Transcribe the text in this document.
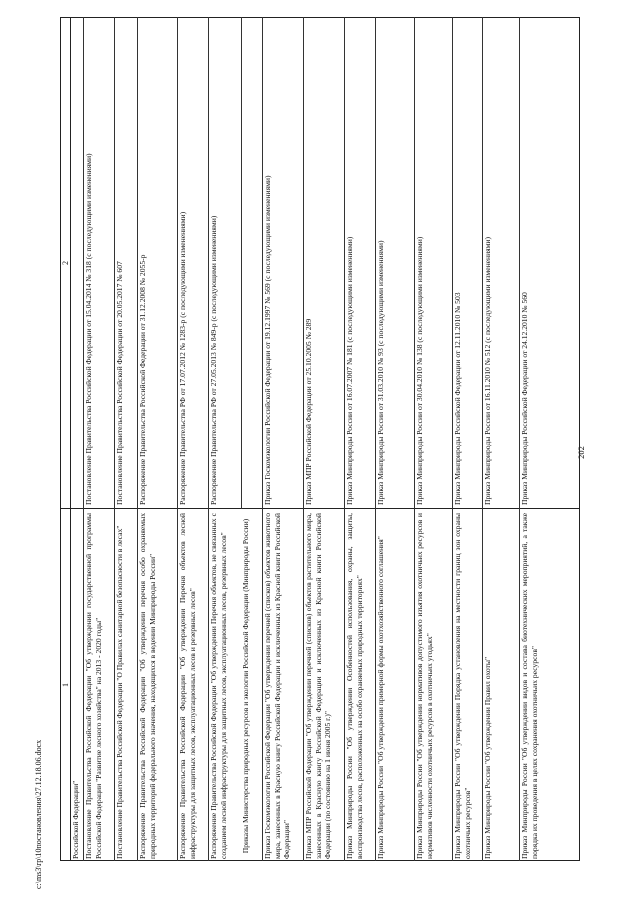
202
c:\ms3\rp\10постановления\27.12.18.06.docx
1
2
Российской Федерации" Постановление Правительства Российской Федерации "Об утверждении государственной программы Российской Федерации "Развитие лесного хозяйства" на 2013 - 2020 годы"
Постановление Правительства Российской Федерации от 15.04.2014 № 318 (с последующими изменениями)
Постановление Правительства Российской Федерации "О Правилах санитарной безопасности в лесах"
Постановление Правительства Российской Федерации от 20.05.2017 № 607
Распоряжение Правительства Российской Федерации "Об утверждении перечня особо охраняемых природных территорий федерального значения, находящихся в ведении Минприроды России"
Распоряжение Правительства Российской Федерации от 31.12.2008 № 2055-р
Распоряжение Правительства Российской Федерации "Об утверждении Перечня объектов лесной инфраструктуры для защитных лесов, эксплуатационных лесов и резервных лесов"
Распоряжение Правительства РФ от 17.07.2012 № 1283-р (с последующими изменениями)
Распоряжение Правительства Российской Федерации "Об утверждении Перечня объектов, не связанных с созданием лесной инфраструктуры для защитных лесов, эксплуатационных лесов, резервных лесов"
Распоряжение Правительства РФ от 27.05.2013 № 849-р (с последующими изменениями)
Приказы Министерства природных ресурсов и экологии Российской Федерации (Минприроды России) Приказ Госкомэкологии Российской Федерации "Об утверждении перечней (списков) объектов животного мира, занесенных в Красную книгу Российской Федерации и исключенных из Красной книги Российской Федерации"
Приказ Госкомэкологии Российской Федерации от 19.12.1997 № 569 (с последующими изменениями)
Приказ МПР Российской Федерации "Об утверждении перечней (списков) объектов растительного мира, занесенных в Красную книгу Российской Федерации и исключенных из Красной книги Российской Федерации (по состоянию на 1 июня 2005 г.)"
Приказ МПР Российской Федерации от 25.10.2005 № 289
Приказ Минприроды России "Об утверждении Особенностей использования, охраны, защиты, воспроизводства лесов, расположенных на особо охраняемых природных территориях"
Приказ Минприроды России от 16.07.2007 № 181 (с последующими изменениями)
Приказ Минприроды России "Об утверждении примерной формы охотхозяйственного соглашения"
Приказ Минприроды России от 31.03.2010 № 93 (с последующими изменениями)
Приказ Минприроды России "Об утверждении нормативов допустимого изъятия охотничьих ресурсов и нормативов численности охотничьих ресурсов в охотничьих угодьях"
Приказ Минприроды России от 30.04.2010 № 138 (с последующими изменениями)
Приказ Минприроды России "Об утверждении Порядка установления на местности границ зон охраны охотничьих ресурсов"
Приказ Минприроды Российской Федерации от 12.11.2010 № 503
Приказ Минприроды России "Об утверждении Правил охоты"
Приказ Минприроды России от 16.11.2010 № 512 (с последующими изменениями)
Приказ Минприроды России "Об утверждении видов и состава биотехнических мероприятий, а также порядка их проведения в целях сохранения охотничьих ресурсов"
Приказ Минприроды Российской Федерации от 24.12.2010 № 560
